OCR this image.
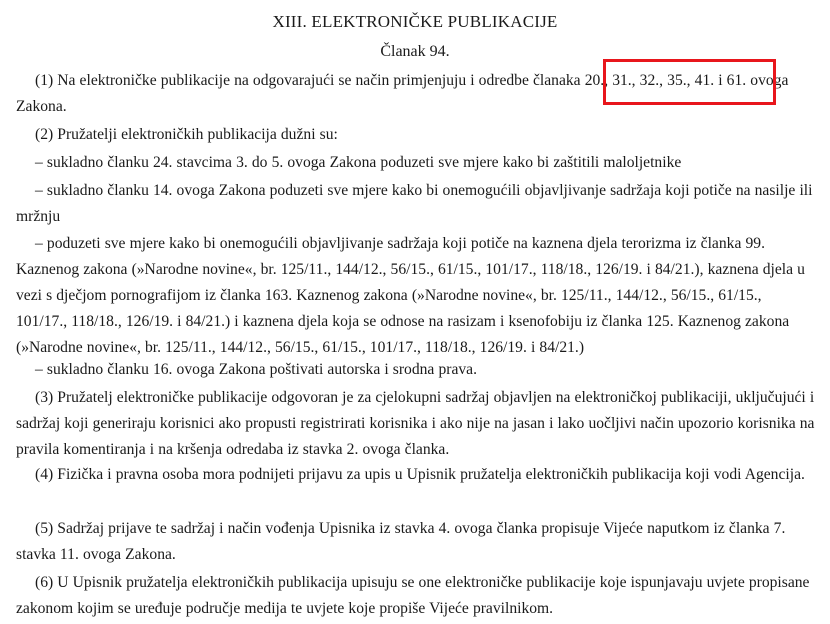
XIII. ELEKTRONIČKE PUBLIKACIJE
Članak 94.

(1) Na elektroničke publikacije na odgovarajući se način primjenjuju i odredbe članaka 20., 31., 32., 35., 41. i 61. ovoga Zakona.

(2) Pružatelji elektroničkih publikacija dužni su:

– sukladno članku 24. stavcima 3. do 5. ovoga Zakona poduzeti sve mjere kako bi zaštitili maloljetnike

– sukladno članku 14. ovoga Zakona poduzeti sve mjere kako bi onemogućili objavljivanje sadržaja koji potiče na nasilje ili mržnju

– poduzeti sve mjere kako bi onemogućili objavljivanje sadržaja koji potiče na kaznena djela terorizma iz članka 99. Kaznenog zakona (»Narodne novine«, br. 125/11., 144/12., 56/15., 61/15., 101/17., 118/18., 126/19. i 84/21.), kaznena djela u vezi s dječjom pornografijom iz članka 163. Kaznenog zakona (»Narodne novine«, br. 125/11., 144/12., 56/15., 61/15., 101/17., 118/18., 126/19. i 84/21.) i kaznena djela koja se odnose na rasizam i ksenofobiju iz članka 125. Kaznenog zakona (»Narodne novine«, br. 125/11., 144/12., 56/15., 61/15., 101/17., 118/18., 126/19. i 84/21.)

– sukladno članku 16. ovoga Zakona poštivati autorska i srodna prava.

(3) Pružatelj elektroničke publikacije odgovoran je za cjelokupni sadržaj objavljen na elektroničkoj publikaciji, uključujući i sadržaj koji generiraju korisnici ako propusti registrirati korisnika i ako nije na jasan i lako uočljivi način upozorio korisnika na pravila komentiranja i na kršenja odredaba iz stavka 2. ovoga članka.

(4) Fizička i pravna osoba mora podnijeti prijavu za upis u Upisnik pružatelja elektroničkih publikacija koji vodi Agencija.

(5) Sadržaj prijave te sadržaj i način vođenja Upisnika iz stavka 4. ovoga članka propisuje Vijeće naputkom iz članka 7. stavka 11. ovoga Zakona.

(6) U Upisnik pružatelja elektroničkih publikacija upisuju se one elektroničke publikacije koje ispunjavaju uvjete propisane zakonom kojim se uređuje područje medija te uvjete koje propiše Vijeće pravilnikom.
